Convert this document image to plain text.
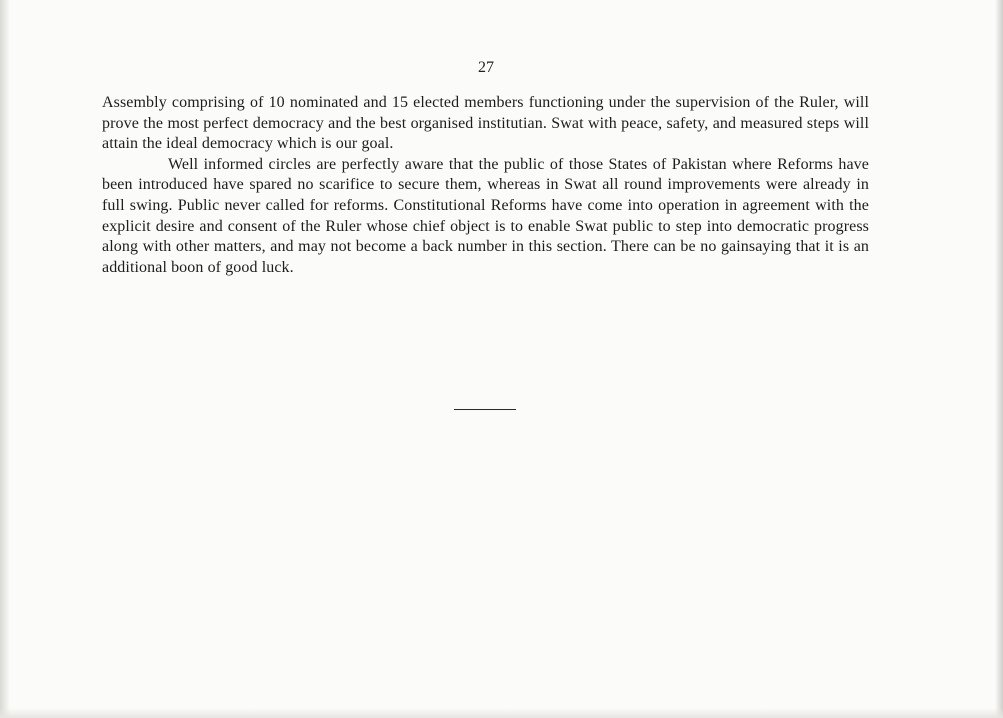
27

Assembly comprising of 10 nominated and 15 elected members functioning under the supervision of the Ruler, will prove the most perfect democracy and the best organised institutian. Swat with peace, safety, and measured steps will attain the ideal democracy which is our goal.

Well informed circles are perfectly aware that the public of those States of Pakistan where Reforms have been introduced have spared no scarifice to secure them, whereas in Swat all round improvements were already in full swing. Public never called for reforms. Constitutional Reforms have come into operation in agreement with the explicit desire and consent of the Ruler whose chief object is to enable Swat public to step into democratic progress along with other matters, and may not become a back number in this section. There can be no gainsaying that it is an additional boon of good luck.
